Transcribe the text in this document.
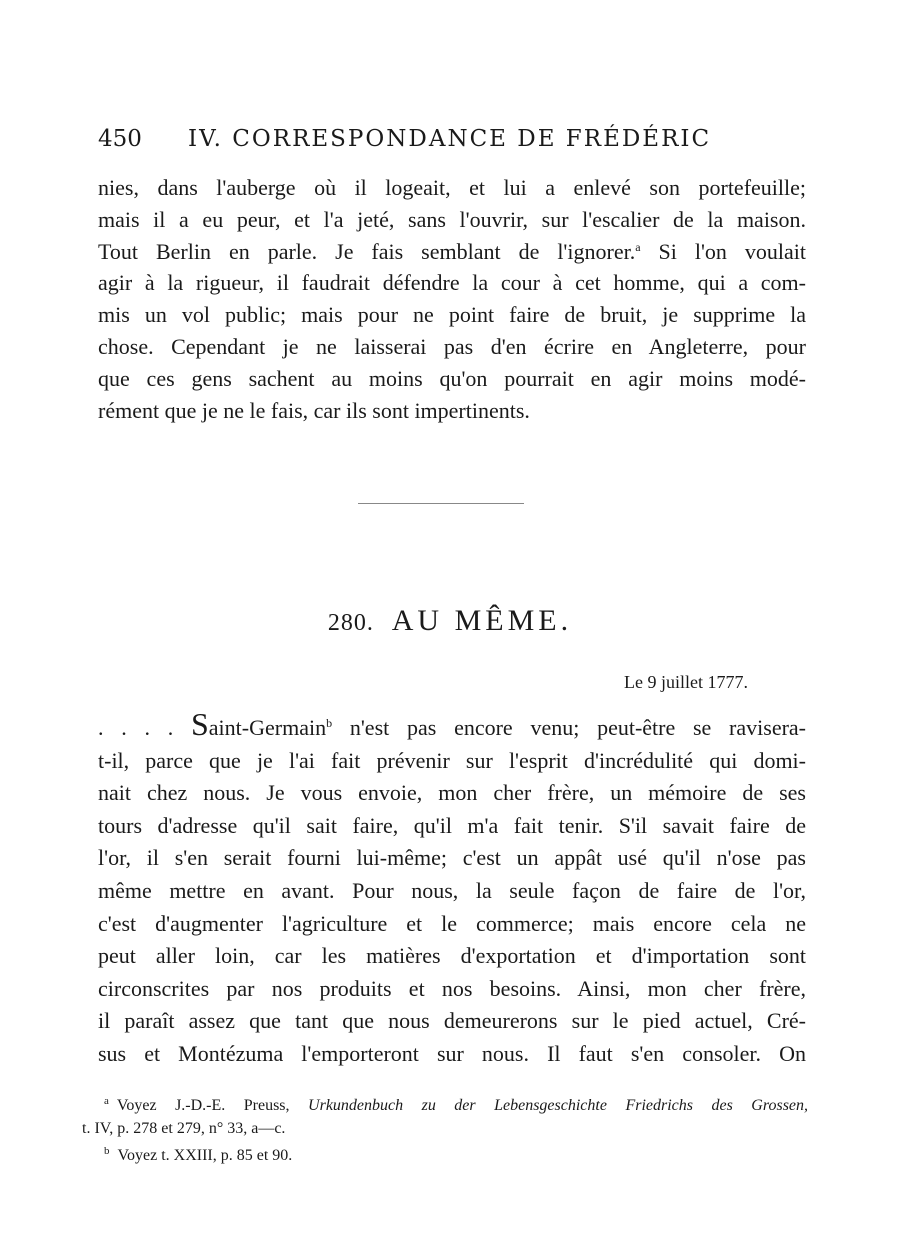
450 IV. CORRESPONDANCE DE FRÉDÉRIC
nies, dans l'auberge où il logeait, et lui a enlevé son portefeuille;
mais il a eu peur, et l'a jeté, sans l'ouvrir, sur l'escalier de la maison.
Tout Berlin en parle. Je fais semblant de l'ignorer.$^a$ Si l'on voulait
agir à la rigueur, il faudrait défendre la cour à cet homme, qui a com-
mis un vol public; mais pour ne point faire de bruit, je supprime la
chose. Cependant je ne laisserai pas d'en écrire en Angleterre, pour
que ces gens sachent au moins qu'on pourrait en agir moins modé-
rément que je ne le fais, car ils sont impertinents.
280. AU MÊME.
Le 9 juillet 1777.
. . . . Saint-Germain$^b$ n'est pas encore venu; peut-être se ravisera-
t-il, parce que je l'ai fait prévenir sur l'esprit d'incrédulité qui domi-
nait chez nous. Je vous envoie, mon cher frère, un mémoire de ses
tours d'adresse qu'il sait faire, qu'il m'a fait tenir. S'il savait faire de
l'or, il s'en serait fourni lui-même; c'est un appât usé qu'il n'ose pas
même mettre en avant. Pour nous, la seule façon de faire de l'or,
c'est d'augmenter l'agriculture et le commerce; mais encore cela ne
peut aller loin, car les matières d'exportation et d'importation sont
circonscrites par nos produits et nos besoins. Ainsi, mon cher frère,
il paraît assez que tant que nous demeurerons sur le pied actuel, Cré-
sus et Montézuma l'emporteront sur nous. Il faut s'en consoler. On
$^a$ Voyez J.-D.-E. Preuss, Urkundenbuch zu der Lebensgeschichte Friedrichs des Grossen,
t. IV, p. 278 et 279, n° 33, a—c.
$^b$ Voyez t. XXIII, p. 85 et 90.
